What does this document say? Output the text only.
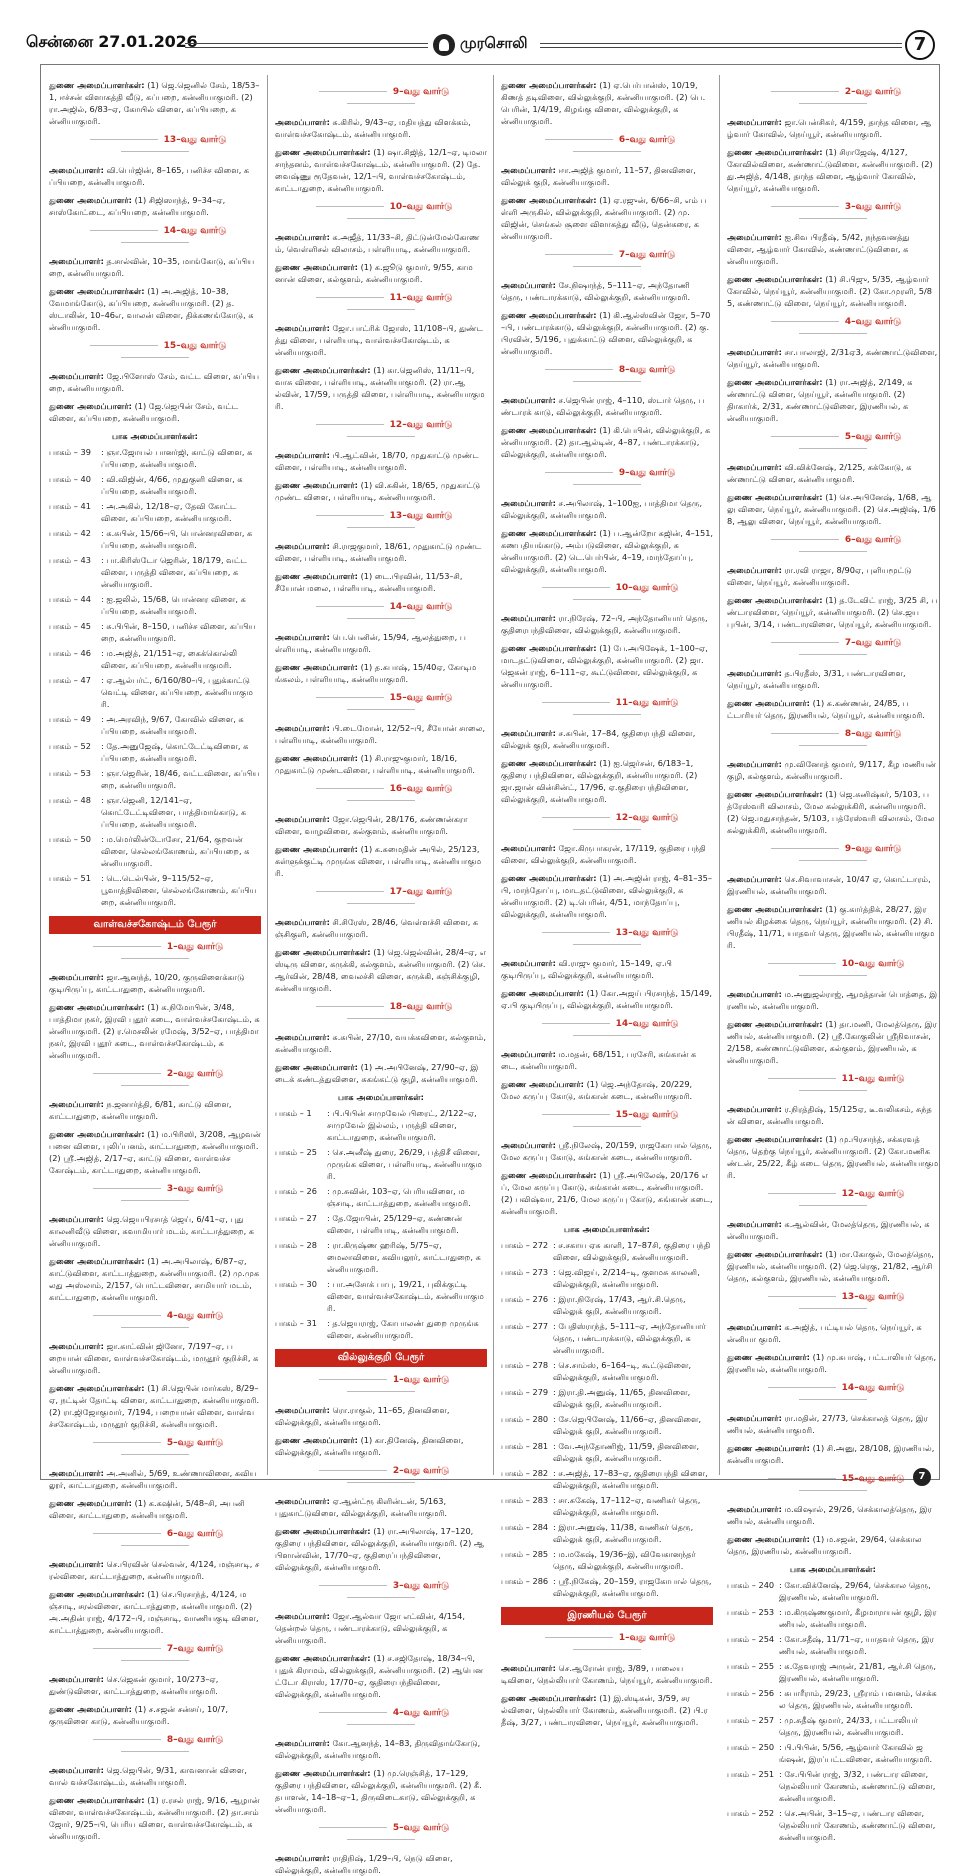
சென்னை 27.01.2026	முரசொலி	7
துணை அமைப்பாளர்கள்: (1) ஜெ.ஜெனில் சேம், 18/53–1, ஈச்சன் விளாகத்தி வீடு, கப்பறை, கன்னியாகுமரி. (2) ரா.அஜில், 6/83–ஏ, கோயில் விளை, கப்பியறை, கன்னியாகுமரி.
13–வது வார்டு
அமைப்பாளர்: வி.பெர்ஜின், 8–165, பனிச்ச விளை, கப்பியறை, கன்னியாகுமரி.
துணை அமைப்பாளர்: (1) சிஜிஸாந்த், 9–34–ஏ, சாஸ்கோட்டை, கப்பியறை, கன்னியாகுமரி.
14–வது வார்டு
அமைப்பாளர்: த.சால்வின், 10–35, மாங்கோடு, கப்பியறை, கன்னியாகுமரி.
துணை அமைப்பாளர்கள்: (1) அ.அஜித், 10–38, வேமாங்கோடு, கப்பியறை, கன்னியாகுமரி. (2) த.ஸ்டாலின், 10–46எ, வாலன் விளை, திக்கணங்கோடு, கன்னியாகுமரி.
15–வது வார்டு
அமைப்பாளர்: ஜே.பிளோஸ் சேம், வட்ட விளை, கப்பியறை, கன்னியாகுமரி.
துணை அமைப்பாளர்: (1) ஜே.ஜெபின் சேம், வட்ட விளை, கப்பியறை, கன்னியாகுமரி.
பாக அமைப்பாளர்கள்:
பாகம் – 39	: ஞா.ஜோயல் பானர்ஜி, காட்டு விளை, கப்பியறை, கன்னியாகுமரி.
பாகம் – 40	: வி.விஜின், 4/66, முதுகுளி விளை, கப்பியறை, கன்னியாகுமரி.
பாகம் – 41	: அ.அகில், 12/18–ஏ, தேவி கோட்டவிளை, கப்பியறை, கன்னியாகுமரி.
பாகம் – 42	: க.சுபின், 15/66–பி, பொன்னரவிளை, கப்பியறை, கன்னியாகுமரி.
பாகம் – 43	: பா.கிரிஸ்டோ ஜெரின், 18/179, வட்டவிளை, பருத்தி விளை, கப்பியறை, கன்னியாகுமரி.
பாகம் – 44	: ஐ.ஜலில், 15/68, பொன்னர விளை, கப்பியறை, கன்னியாகுமரி.
பாகம் – 45	: சு.பிபின், 8–150, பனிச்ச விளை, கப்பியறை, கன்னியாகுமரி.
பாகம் – 46	: ம.அஜித், 21/151–ஏ, கைக்கொல்லி விளை, கப்பியறை, கன்னியாகுமரி.
பாகம் – 47	: ஏ.ஆல்பர்ட், 6/160/80–பி, புதுக்காட்டு வெட்டி விளை, கப்பியறை, கன்னியாகுமரி.
பாகம் – 49	: அ.அரவிந், 9/67, கோவில் விளை, கப்பியறை, கன்னியாகுமரி.
பாகம் – 52	: தே.அனுஜேஷ், கொட்டேட்டிவிளை, கப்பியறை, கன்னியாகுமரி.
பாகம் – 53	: ஞா.ஜெரின், 18/46, வட்டவிளை, கப்பியறை, கன்னியாகுமரி.
பாகம் – 48	: ஞா.ஜெனி, 12/141–ஏ, கொட்டேட்டிவிளை, பாத்திமாங்காடு, கப்பியறை, கன்னியாகுமரி.
பாகம் – 50	: ம.மெர்லின்டோசோ, 21/64, குறவன் விளை, செல்லங்கோணம், கப்பியறை, கன்னியாகுமரி.
பாகம் – 51	: டெ.டெல்பின், 9–115/52–ஏ, பூவாத்திவிளை, செல்லங்கோணம், கப்பியறை, கன்னியாகுமரி.
வாள்வச்சகோஷ்டம் பேரூர்
1–வது வார்டு
அமைப்பாளர்: ஜா.ஆனந்த், 10/20, குருவிளைக்காடு குடியிருப்பு, காட்டாதுறை, கன்னியாகுமரி.
துணை அமைப்பாளர்கள்: (1) க.நிமோபின், 3/48, பாத்திமா நகர், இரவி புதூர் கடை, வாள்வச்சகோஷ்டம், கன்னியாகுமரி. (2) ர.மெசலின் ரமேஷ், 3/52–ஏ, பாத்திமா நகர், இரவி புதூர் கடை, வாள்வச்சகோஷ்டம், கன்னியாகுமரி.
2–வது வார்டு
அமைப்பாளர்: ந.ஜனார்த்தி, 6/81, காட்டு விளை, காட்டாதுறை, கன்னியாகுமரி.
துணை அமைப்பாளர்கள்: (1) ம.பிரிஸி, 3/208, ஆழவன் பனை விளை, புலிப்பனம், காட்டாதுறை, கன்னியாகுமரி. (2) ஸ்ரீ.அஜித், 2/17–ஏ, காட்டு விளை, வாள்வச்சகோஷ்டம், காட்டாதுறை, கன்னியாகுமரி.
3–வது வார்டு
அமைப்பாளர்: ஜெ.ஜெயபிரசாத் ஜெய், 6/41–ஏ, புது காலனிவீடு விளை, கவாமியார் மடம், காட்டாத்துறை, கன்னியாகுமரி.
துணை அமைப்பாளர்கள்: (1) அ.அபிலாஷ், 6/87–ஏ, காட்டுவிளை, காட்டாத்துறை, கன்னியாகுமரி. (2) மு.முகலது அஸ்லாம், 2/157, பொட்டவிளை, சாமியார் மடம், காட்டாதுறை, கன்னியாகுமரி.
4–வது வார்டு
அமைப்பாளர்: ஜா.காட்வின் ஜினோ, 7/197–ஏ, பறையான் விளை, வாள்வச்சகோஷ்டம், மருதூர் குறிச்சி, கன்னியாகுமரி.
துணை அமைப்பாளர்கள்: (1) சி.ஜெபின் மார்கஸ், 8/29–ஏ, நட்டின் தோட்டி விளை, காட்டாதுறை, கன்னியாகுமரி. (2) ரா.ஜிஜோகுமார், 7/194, பறையான் விளை, வாள்வச்சகோஷ்டம், மருதூர் குறிச்சி, கன்னியாகுமரி.
5–வது வார்டு
அமைப்பாளர்: அ.அனில், 5/69, உண்ணாவிளை, கவியலூர், காட்டாதுறை, கன்னியாகுமரி.
துணை அமைப்பாளர்: (1) க.கஷின், 5/48–சி, அபனி விளை, காட்டாதுறை, கன்னியாகுமரி.
6–வது வார்டு
அமைப்பாளர்: செ.பிரவின் செல்வன், 4/124, மஞ்சாடி, சரல்விளை, காட்டாத்துறை, கன்னியாகுமரி.
துணை அமைப்பாளர்கள்: (1) செ.பிரசாந்த், 4/124, மஞ்சாடி, சரல்விளை, காட்டாத்துறை, கன்னியாகுமரி. (2) அ.அதின் ராஜ், 4/172–பி, மஞ்சாடி, வாணியகுடி விளை, காட்டாத்துறை, கன்னியாகுமரி.
7–வது வார்டு
அமைப்பாளர்: செ.ஜெகன் குமார், 10/273–ஏ, துண்டுவிளை, காட்டாத்துறை, கன்னியாகுமரி.
துணை அமைப்பாளர்: (1) ச.சஜன் சன்சய், 10/7, குருவிளை காடு, கன்னியாகுமரி.
8–வது வார்டு
அமைப்பாளர்: ஜெ.ஜெபின், 9/31, காவனான் விளை, வால் வச்சகோஷ்டம், கன்னியாகுமரி.
துணை அமைப்பாளர்கள்: (1) ர.ரசல் ராஜ், 9/16, ஆழான் விளை, வாள்வச்சகோஷ்டம், கன்னியாகுமரி. (2) தா.சாம் ஜோர், 9/25–பி, பெரிய விளை, வாள்வச்சகோஷ்டம், கன்னியாகுமரி.
9–வது வார்டு
அமைப்பாளர்: சு.கிரில், 9/43–ஏ, மதியத்து விளக்கம், வாள்வச்சகோஷ்டம், கன்னியாகுமரி.
துணை அமைப்பாளர்கள்: (1) ஷா.சிஜித், 12/1–ஏ, டிமலா சாந்தனம், வாள்வச்சகோஷ்டம், கன்னியாகுமரி. (2) தே.வைஷ்ணு ரூதேவன், 12/1–பி, வாள்வச்சகோஷ்டம், காட்டாதுறை, கன்னியாகுமரி.
10–வது வார்டு
அமைப்பாளர்: க.அஜீத், 11/33–சி, திட்டுன்மேல்கோணம், வெள்ளிசல் விலாசம், பள்ளியாடி, கன்னியாகுமரி.
துணை அமைப்பாளர்: (1) க.ஜூடு குமார், 9/55, காமனான் விளை, கல்குளம், கன்னியாகுமரி.
11–வது வார்டு
அமைப்பாளர்: ஜோ.பாட்ரிக் ஜோஸ், 11/108–பி, துண்டத்து விளை, பள்ளியாடி, வாள்வச்சகோஷ்டம், கன்னியாகுமரி.
துணை அமைப்பாளர்கள்: (1) கா.ஜெனிஸ், 11/11–பி, வாசு விளை, பள்ளியாடி, கன்னியாகுமரி. (2) ரா.ஆல்வின், 17/59, பருத்தி விளை, பள்ளியாடி, கன்னியாகுமரி.
12–வது வார்டு
அமைப்பாளர்: பி.ஆட்வின், 18/70, முதுகாட்டு முண்ட விளை, பள்ளியாடி, கன்னியாகுமரி.
துணை அமைப்பாளர்: (1) வி.சுகின், 18/65, முதுகாட்டு முண்ட விளை, பள்ளியாடி, கன்னியாகுமரி.
13–வது வார்டு
அமைப்பாளர்: சி.ராஜகுமார், 18/61, முதுகாட்டு முண்டவிளை, பள்ளியாடி, கன்னியாகுமரி.
துணை அமைப்பாளர்: (1) டை.பிரவின், 11/53–சி, சீயோன் மலை, பள்ளியாடி, கன்னியாகுமரி.
14–வது வார்டு
அமைப்பாளர்: பெ.பெனின், 15/94, ஆலத்துறை, பள்ளியாடி, கன்னியாகுமரி.
துணை அமைப்பாளர்: (1) த.சுபாஷ், 15/40ஏ, கோடிமங்கலம், பள்ளியாடி, கன்னியாகுமரி.
15–வது வார்டு
அமைப்பாளர்: பி.டைமோன், 12/52–பி, சீயோன் சாலை, பள்ளியாடி, கன்னியாகுமரி.
துணை அமைப்பாளர்: (1) சி.ராஜுகுமார், 18/16, முதுகாட்டு முண்டவிளை, பள்ளியாடி, கன்னியாகுமரி.
16–வது வார்டு
அமைப்பாளர்: ஜோ.ஜெபின், 28/176, கண்ணன்கரா விளை, வாழவிளை, கல்குளம், கன்னியாகுமரி.
துணை அமைப்பாளர்: (1) க.சுமைதின் அபில், 25/123, கள்ளுக்குட்டி முருங்க விளை, பள்ளியாடி, கன்னியாகுமரி.
17–வது வார்டு
அமைப்பாளர்: சி.சிரேஸ், 28/46, வெள்ளச்சி விளை, கஞ்சிகுளி, கன்னியாகுமரி.
துணை அமைப்பாளர்கள்: (1) ஜெ.ஜெல்வின், 28/4–ஏ, எஸ்டிரு விளை, கருக்கி, கல்குளம், கன்னியாகுமரி. (2) செ.ஆர்வின், 28/48, வைலச்சி விளை, கருக்கி, கஞ்சிக்குழி, கன்னியாகுமரி.
18–வது வார்டு
அமைப்பாளர்: சு.சுபின், 27/10, வயக்கவிளை, கல்குளம், கன்னியாகுமரி.
துணை அமைப்பாளர்: (1) அ.அபினேஷ், 27/90–ஏ, இடைக் கண்டத்துவிளை, சுகங்கட்டு குழி, கன்னியாகுமரி.
பாக அமைப்பாளர்கள்:
பாகம் – 1	: பி.பிபின் சாமுவேல் பிரைட், 2/122–ஏ, சாமுவேல் இல்லம், பருத்தி விளை, காட்டாதுறை, கன்னியாகுமரி.
பாகம் – 25	: செ.அனீஷ் துரை, 26/29, பத்திசீ விளை, முருங்க விளை, பள்ளியாடி, கன்னியாகுமரி.
பாகம் – 26	: மு.சுவின், 103–ஏ, பெரியவிளை, மஞ்சாடி, காட்டாத்துறை, கன்னியாகுமரி.
பாகம் – 27	: தே.ஜோபின், 25/129–ஏ, கண்ணன் விளை, பள்ளியாடி, கன்னியாகுமரி.
பாகம் – 28	: ரா.கிருஷ்ண ஹரிஷ், 5/75–ஏ, மைலாவிளை, கவியலூர், காட்டாதுறை, கன்னியாகுமரி.
பாகம் – 30	: பா.அசோக் பாபு, 19/21, புலிக்குட்டி விளை, வாள்வச்சகோஷ்டம், கன்னியாகுமரி.
பாகம் – 31	: த.ஜெயராஜ், கோபாலண் துறை முருங்க விளை, கன்னியாகுமரி.
வில்லுக்குறி பேரூர்
1–வது வார்டு
அமைப்பாளர்: ரொ.ராகுல், 11–65, தினவிளை, வில்லுக்குறி, கன்னியாகுமரி.
துணை அமைப்பாளர்: (1) கா.தினேஷ், தினவிளை, வில்லுக்குறி, கன்னியாகுமரி.
2–வது வார்டு
அமைப்பாளர்: ஏ.ஆன்ட்ரூ கிளின்டன், 5/163, புதுகாட்டுவிளை, வில்லுக்குறி, கன்னியாகுமரி.
துணை அமைப்பாளர்கள்: (1) ரா.அபிலாஷ், 17–120, குதிரை பந்திவிளை, வில்லுக்குறி, கன்னியாகுமரி. (2) ஆபிளான்வின், 17/70–ஏ, குதிரைப்பந்திவிளை, வில்லுக்குறி, கன்னியாகுமரி.
3–வது வார்டு
அமைப்பாளர்: ஜோ.ஆல்வா ஜோ எட்வின், 4/154, தென்றல் தெரு, பண்டாரக்காடு, வில்லுக்குறி, கன்னியாகுமரி.
துணை அமைப்பாளர்கள்: (1) ச.சஜிதோஷ், 18/34–பி, புதுக் கிராமம், வில்லுக்குறி, கன்னியாகுமரி. (2) ஆபெனட்டோ கிராஸ், 17/70–ஏ, குதிரைபந்திவிளை, வில்லுக்குறி, கன்னியாகுமரி.
4–வது வார்டு
அமைப்பாளர்: கோ.ஆனந்த், 14–83, திருவிதாங்கோடு, வில்லுக்குறி, கன்னியாகுமரி.
துணை அமைப்பாளர்கள்: (1) மு.ரெஞ்சித், 17–129, குதிரை பந்திவிளை, வில்லுக்குறி, கன்னியாகுமரி. (2) கீ.தபாளன், 14–18–ஏ–1, திருவிடைகாடு, வில்லுக்குறி, கன்னியாகுமரி.
5–வது வார்டு
அமைப்பாளர்: ராதிநிஷ், 1/29–பி, நெடு விளை, வில்லுக்குறி, கன்னியாகுமரி.
துணை அமைப்பாளர்கள்: (1) ஏ.பெர்பான்ஸ், 10/19, கிணத் தடிவிளை, வில்லுக்குறி, கன்னியாகுமரி. (2) பெ.பெரின், 1/4/19, கிழங்கு விளை, வில்லுக்குறி, கன்னியாகுமரி.
6–வது வார்டு
அமைப்பாளர்: ஈா.அஜித் குமார், 11–57, தினவிளை, வில்லுக் குறி, கன்னியாகுமரி.
துணை அமைப்பாளர்கள்: (1) ஏ.ரஜுன், 6/66–சி, எம் பள்ளி அருகில், வில்லுக்குறி, கன்னியாகுமரி. (2) மு.விஜின், செங்கல் சூளை விளாகத்து வீடு, தென்கரை, கன்னியாகுமரி.
7–வது வார்டு
அமைப்பாளர்: சே.நிஷாந்த், 5–111–ஏ, அந்தோணி தெரு, பண்டாரக்காடு, வில்லுக்குறி, கன்னியாகுமரி.
துணை அமைப்பாளர்கள்: (1) கி.ஆல்ஸ்வின் ஜோ, 5–70–பி, பண்டாரக்காடு, வில்லுக்குறி, கன்னியாகுமரி. (2) கு.பிரவின், 5/196, புதுக்காட்டு விளை, வில்லுக்குறி, கன்னியாகுமரி.
8–வது வார்டு
அமைப்பாளர்: ச.ஜெபின் ராஜ், 4–110, ஸ்டார் தெரு, பண்டாரக் காடு, வில்லுக்குறி, கன்னியாகுமரி.
துணை அமைப்பாளர்கள்: (1) கி.பெபின், வில்லுக்குறி, கன்னியாகுமரி. (2) தா.ஆல்டின், 4–87, பண்டாரக்காடு, வில்லுக்குறி, கன்னியாகுமரி.
9–வது வார்டு
அமைப்பாளர்: ச.அபிலாஷ், 1–100ஐ, பாத்திமா தெரு, வில்லுக்குறி, கன்னியாகுமரி.
துணை அமைப்பாளர்கள்: (1) ப.ஆன்றோ சுஜின், 4–151, கணபதியங்காடு, அம்படுவிளை, வில்லுக்குறி, கன்னியாகுமரி. (2) டெ.பெர்பின், 4–19, மாந்தோப்பு, வில்லுக்குறி, கன்னியாகுமரி.
10–வது வார்டு
அமைப்பாளர்: ரா.நிரேஷ், 72–பி, அந்தோனியார் தெரு, குதிரைபந்திவிளை, வில்லுக்குறி, கன்னியாகுமரி.
துணை அமைப்பாளர்கள்: (1) பே.அபிஷேக், 1–100–ஏ, மாடதட்டுவிளை, வில்லுக்குறி, கன்னியாகுமரி. (2) ஜா.ஜெகன் ராஜ், 6–111–ஏ, கூட்டுவிளை, வில்லுக்குறி, கன்னியாகுமரி.
11–வது வார்டு
அமைப்பாளர்: ச.சுபின், 17–84, குதிரைபந்தி விளை, வில்லுக் குறி, கன்னியாகுமரி.
துணை அமைப்பாளர்கள்: (1) ஐ.ஜெர்சன், 6/183–1, குதிரை பந்திவிளை, வில்லுக்குறி, கன்னியாகுமரி. (2) ஜா.ஜான் வின்சின்ட், 17/96, ஏ.குதிரைபந்திவிளை, வில்லுக்குறி, கன்னியாகுமரி.
12–வது வார்டு
அமைப்பாளர்: ஜோ.கிருபாகரன், 17/119, குதிரை பந்தி விளை, வில்லுக்குறி, கன்னியாகுமரி.
துணை அமைப்பாளர்கள்: (1) அ.அஜின் ராஜ், 4–81–35–பி, மாந்தோப்பு, மாடதட்டுவிளை, வில்லுக்குறி, கன்னியாகுமரி. (2) டி.பெரின், 4/51, மாந்தோப்பு, வில்லுக்குறி, கன்னியாகுமரி.
13–வது வார்டு
அமைப்பாளர்: வி.ராஜு குமார், 15–149, ஏ.பி குடியிருப்பு, வில்லுக்குறி, கன்னியாகுமரி.
துணை அமைப்பாளர்: (1) கோ.அஜய் பிரசாந்த், 15/149, ஏ.பி குடியிருப்பு, வில்லுக்குறி, கன்னியாகுமரி.
14–வது வார்டு
அமைப்பாளர்: ம.மதன், 68/151, பரசேரி, சுங்கான் கடை, கன்னியாகுமரி.
துணை அமைப்பாளர்: (1) ஜெ.அந்தோஷ், 20/229, மேல கருப்பு கோடு, சுங்கான் கடை, கன்னியாகுமரி.
15–வது வார்டு
அமைப்பாளர்: ஸ்ரீ.நிலேஷ், 20/159, ராஜகோபால் தெரு, மேல கருப்பு கோடு, சுங்கான் கடை, கன்னியாகுமரி.
துணை அமைப்பாளர்கள்: (1) ஸ்ரீ.அபிலேஷ், 20/176 எப், மேல கருப்பு கோடு, சுங்கான் கடை, கன்னியாகுமரி. (2) பவிஷ்வா, 21/6, மேல கருப்பு கோடு, சுங்கான் கடை, கன்னியாகுமரி.
பாக அமைப்பாளர்கள்:
பாகம் – 272 : ச.சகாய ஏசு காளி, 17–87சி, குதிரை பந்தி விளை, வில்லுக்குறி, கன்னியாகுமரி.
பாகம் – 273 : ஜெ.விஜய், 2/214–டி, குளமசு காலனி, வில்லுக்குறி, கன்னியாகுமரி.
பாகம் – 276 : இரா.நிரேஷ், 17/43, ஆர்.சி.தெரு, வில்லுக் குறி, கன்னியாகுமரி.
பாகம் – 277 : பேதிஸ்ராந்த், 5–111–ஏ, அந்தோனியார் தெரு, பண்டாரக்காடு, வில்லுக்குறி, கன்னியாகுமரி.
பாகம் – 278 : செ.சாம்ஸ், 6–164–டி, கூட்டுவிளை, வில்லுக்குறி, கன்னியாகுமரி.
பாகம் – 279 : இரா.தி.அனுஷ், 11/65, தினவிளை, வில்லுக் குறி, கன்னியாகுமரி.
பாகம் – 280 : சே.ஜெபினேஷ், 11/66–ஏ, தினவிளை, வில்லுக் குறி, கன்னியாகுமரி.
பாகம் – 281 : வே.அந்தோணிஜ், 11/59, தினவிளை, வில்லுக் குறி, கன்னியாகுமரி.
பாகம் – 282 : ச.அஜித், 17–83–ஏ, குதிரைபந்தி விளை, வில்லுக்குறி, கன்னியாகுமரி.
பாகம் – 283 : சா.சுகேஷ், 17–112–ஏ, வணிகர் தெரு, வில்லுக்குறி, கன்னியாகுமரி.
பாகம் – 284 : இரா.அனுஷ், 11/38, வணிகர் தெரு, வில்லுக் குறி, கன்னியாகுமரி.
பாகம் – 285 : ம.மகேஷ், 19/36–இ, விவேகானந்தர் தெரு, வில்லுக்குறி, கன்னியாகுமரி.
பாகம் – 286 : ஸ்ரீ.நிகேஷ், 20–159, ராஜகோபால் தெரு, வில்லுக்குறி, கன்னியாகுமரி.
இரணியல் பேரூர்
1–வது வார்டு
அமைப்பாளர்: செ.ஆரோன் ராஜ், 3/89, பாலையடிவிளை, நெல்லியார் கோணம், நெய்யூர், கன்னியாகுமரி.
துணை அமைப்பாளர்கள்: (1) இ.ஸ்டிகன், 3/59, சரல்விளை, நெல்லியார் கோணம், கன்னியாகுமரி. (2) பி.ரதீஷ், 3/27, பண்டாரவிளை, நெய்யூர், கன்னியாகுமரி.
2–வது வார்டு
அமைப்பாளர்: ஜா.பென்சிகர், 4/159, தாந்த விளை, ஆழ்வார் கோவில், நெய்யூர், கன்னியாகுமரி.
துணை அமைப்பாளர்கள்: (1) சிராஜேஷ், 4/127, கோவில்விளை, கண்ணாட்டுவிளை, கன்னியாகுமரி. (2) து.அஜித், 4/148, தாந்த விளை, ஆழ்வார் கோவில், நெய்யூர், கன்னியாகுமரி.
3–வது வார்டு
அமைப்பாளர்: ஐ.சிவ பிரதீஷ், 5/42, நந்தவனத்து விளை, ஆழ்வார் கோவில், கண்ணாட்டுவிளை, கன்னியாகுமரி.
துணை அமைப்பாளர்கள்: (1) சி.பிஜு, 5/35, ஆழ்வார் கோவில், நெய்யூர், கன்னியாகுமரி. (2) கோ.முரளி, 5/85, கண்ணாட்டு விளை, நெய்யூர், கன்னியாகுமரி.
4–வது வார்டு
அமைப்பாளர்: சா.பாலாஜி, 2/31ஏ3, கண்ணாட்டுவிளை, நெய்யூர், கன்னியாகுமரி.
துணை அமைப்பாளர்கள்: (1) ரா.அஜித், 2/149, கண்ணாட்டு விளை, நெய்யூர், கன்னியாகுமரி. (2) திாகார்க், 2/31, கண்ணாட்டுவிளை, இரணியல், கன்னியாகுமரி.
5–வது வார்டு
அமைப்பாளர்: வி.விக்னேஷ், 2/125, சுக்கோடு, கண்ணாட்டு விளை, கன்னியாகுமரி.
துணை அமைப்பாளர்கள்: (1) செ.அபினேஷ், 1/68, ஆலு விளை, நெய்யூர், கன்னியாகுமரி. (2) செ.அஜிஷ், 1/68, ஆலு விளை, நெய்யூர், கன்னியாகுமரி.
6–வது வார்டு
அமைப்பாளர்: ரா.ரவி ராஜா, 8/90ஏ, புளியமூட்டு விளை, நெய்யூர், கன்னியாகுமரி.
துணை அமைப்பாளர்கள்: (1) த.டேவிட் ராஜ், 3/25 சி, பண்டாரவிளை, நெய்யூர், கன்னியாகுமரி. (2) செ.ஜயபுபின், 3/14, பண்டாரவிளை, நெய்யூர், கன்னியாகுமரி.
7–வது வார்டு
அமைப்பாளர்: த.பிரதீஸ், 3/31, பண்டாரவிளை, நெய்யூர், கன்னியாகுமரி.
துணை அமைப்பாளர்: (1) சு.கண்ணன், 24/85, பட்டாரியர் தெரு, இரணியல், நெய்யூர், கன்னியாகுமரி.
8–வது வார்டு
அமைப்பாளர்: மு.வினோத் குமார், 9/117, கீழ மணியன் குழி, கல்குளம், கன்னியாகுமரி.
துணை அமைப்பாளர்கள்: (1) ஜெ.சுனிஷ்கர், 5/103, பத்ரேஸ்வரி விலாசம், மேல கல்லுக்கிரி, கன்னியாகுமரி. (2) ஜெ.மதுசாந்தன், 5/103, பத்ரேஸ்வரி விலாசம், மேல கல்லுக்கிரி, கன்னியாகுமரி.
9–வது வார்டு
அமைப்பாளர்: செ.சிவாவாசன், 10/47 ஏ, கொட்டாரம், இரணியல், கன்னியாகுமரி.
துணை அமைப்பாளர்கள்: (1) கு.கார்த்திக், 28/27, இரணியல் கிழக்கை தெரு, நெய்யூர், கன்னியாகுமரி. (2) சி.பிரதீஷ், 11/71, யாதவர் தெரு, இரணியல், கன்னியாகுமரி.
10–வது வார்டு
அமைப்பாளர்: ம.அனுஜல்ராஜ், ஆமத்தான் பொத்தை, இரணியல், கன்னியாகுமரி.
துணை அமைப்பாளர்கள்: (1) தா.மணி, மேலத்தெரு, இரணியல், கன்னியாகுமரி. (2) ஸ்ரீ.கோகுலின் ஸ்ரீநிவாசன், 2/158, கண்ணாட்டுவிளை, கல்குளம், இரணியல், கன்னியாகுமரி.
11–வது வார்டு
அமைப்பாளர்: ர.நிரத்திஷ், 15/125ஏ, டீ.வலிகசம், சுந்தன் விளை, கன்னியாகுமரி.
துணை அமைப்பாளர்கள்: (1) மு.பிரசாந்த், சக்கரவத் தெரு, தெற்கு நெய்யூர், கன்னியாகுமரி. (2) கோ.மணிகண்டன், 25/22, கீழ் கடை தெரு, இரணியல், கன்னியாகுமரி.
12–வது வார்டு
அமைப்பாளர்: க.ஆல்வின், மேலத்தெரு, இரணியல், கன்னியாகுமரி.
துணை அமைப்பாளர்கள்: (1) மா.கோகுல், மேலத்தெரு, இரணியல், கன்னியாகுமரி. (2) ஜெ.ரெகு, 21/82, ஆர்சி தெரு, கல்குளம், இரணியல், கன்னியாகுமரி.
13–வது வார்டு
அமைப்பாளர்: க.அஜித், பட்டியல் தெரு, நெய்யூர், கன்னியா குமரி.
துணை அமைப்பாளர்: (1) மு.சுபாஷ், பட்டாலியர் தெரு, இரணியல், கன்னியாகுமரி.
14–வது வார்டு
அமைப்பாளர்: ரா.மதின், 27/73, செக்காலத் தெரு, இரணியல், கன்னியாகுமரி.
துணை அமைப்பாளர்: (1) சி.அனு, 28/108, இரணியல், கன்னியாகுமரி.
15–வது வார்டு
அமைப்பாளர்: ம.விஷால், 29/26, செக்காலத்தெரு, இரணியல், கன்னியாகுமரி.
துணை அமைப்பாளர்: (1) ம.சஜன், 29/64, செக்கால தெரு, இரணியல், கன்னியாகுமரி.
பாக அமைப்பாளர்கள்:
பாகம் – 240 : கோ.விக்னேஷ், 29/64, செக்கால தெரு, இரணியல், கன்னியாகுமரி.
பாகம் – 253 : ம.கிருஷ்ணகுமார், கீழமாராயன் குழி, இரணியல், கன்னியாகுமரி.
பாகம் – 254 : கோ.சதீஷ், 11/71–ஏ, யாதவர் தெரு, இரணியல், கன்னியாகுமரி.
பாகம் – 255 : சு.தேவராஜ் அருன், 21/81, ஆர்.சி தெரு, இரணியல், கன்னியாகுமரி.
பாகம் – 256 : சுபாரீராம், 29/23, ஸ்ரீராம் பவனம், செக்கல தெரு, இரணியல், கன்னியாகுமரி.
பாகம் – 257 : மு.சுதீஷ் குமார், 24/33, பட்டாலியர் தெரு, இரணியல், கன்னியாகுமரி.
பாகம் – 250 : பி.பிபின், 5/56, ஆழ்வார் கோவில் ஜங்ஷன், இரப்பட்டவிளை, கன்னியாகுமரி.
பாகம் – 251 : சே.பிபின் ராஜ், 3/32, பண்டார விளை, நெல்லியார் கோணம், கண்ணாட்டு விளை, கன்னியாகுமரி.
பாகம் – 252 : செ.அபின், 3–15–ஏ, பண்டார விளை, நெல்லியார் கோணம், கண்ணாட்டு விளை, கன்னியாகுமரி.
7
